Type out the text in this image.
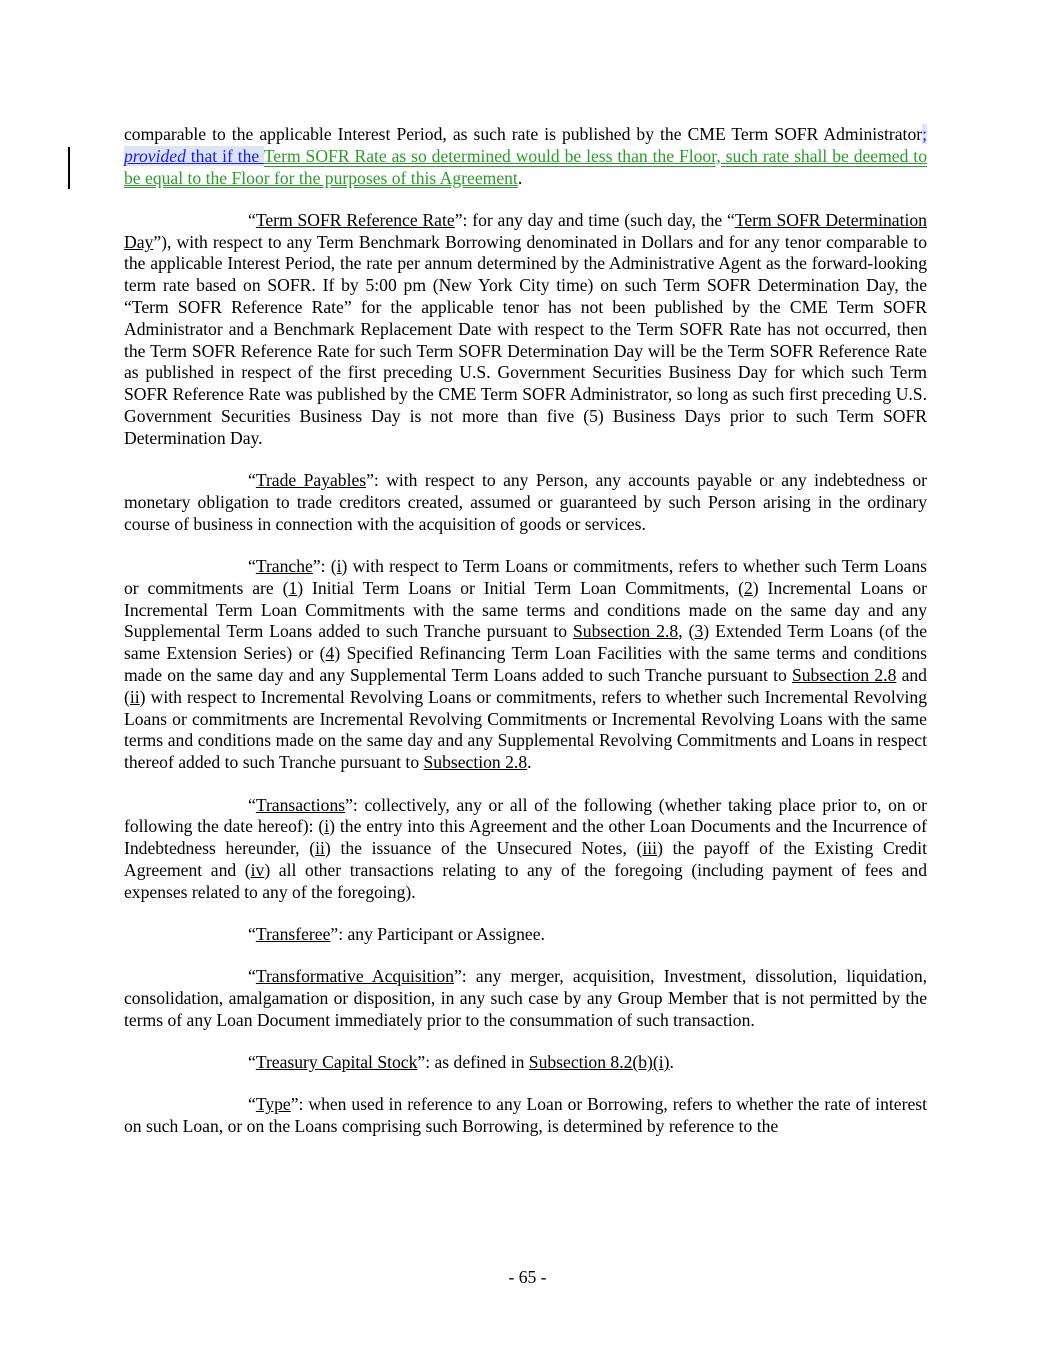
comparable to the applicable Interest Period, as such rate is published by the CME Term SOFR Administrator; provided that if the Term SOFR Rate as so determined would be less than the Floor, such rate shall be deemed to be equal to the Floor for the purposes of this Agreement.

“Term SOFR Reference Rate”: for any day and time (such day, the “Term SOFR Determination Day”), with respect to any Term Benchmark Borrowing denominated in Dollars and for any tenor comparable to the applicable Interest Period, the rate per annum determined by the Administrative Agent as the forward-looking term rate based on SOFR. If by 5:00 pm (New York City time) on such Term SOFR Determination Day, the “Term SOFR Reference Rate” for the applicable tenor has not been published by the CME Term SOFR Administrator and a Benchmark Replacement Date with respect to the Term SOFR Rate has not occurred, then the Term SOFR Reference Rate for such Term SOFR Determination Day will be the Term SOFR Reference Rate as published in respect of the first preceding U.S. Government Securities Business Day for which such Term SOFR Reference Rate was published by the CME Term SOFR Administrator, so long as such first preceding U.S. Government Securities Business Day is not more than five (5) Business Days prior to such Term SOFR Determination Day.

“Trade Payables”: with respect to any Person, any accounts payable or any indebtedness or monetary obligation to trade creditors created, assumed or guaranteed by such Person arising in the ordinary course of business in connection with the acquisition of goods or services.

“Tranche”: (i) with respect to Term Loans or commitments, refers to whether such Term Loans or commitments are (1) Initial Term Loans or Initial Term Loan Commitments, (2) Incremental Loans or Incremental Term Loan Commitments with the same terms and conditions made on the same day and any Supplemental Term Loans added to such Tranche pursuant to Subsection 2.8, (3) Extended Term Loans (of the same Extension Series) or (4) Specified Refinancing Term Loan Facilities with the same terms and conditions made on the same day and any Supplemental Term Loans added to such Tranche pursuant to Subsection 2.8 and (ii) with respect to Incremental Revolving Loans or commitments, refers to whether such Incremental Revolving Loans or commitments are Incremental Revolving Commitments or Incremental Revolving Loans with the same terms and conditions made on the same day and any Supplemental Revolving Commitments and Loans in respect thereof added to such Tranche pursuant to Subsection 2.8.

“Transactions”: collectively, any or all of the following (whether taking place prior to, on or following the date hereof): (i) the entry into this Agreement and the other Loan Documents and the Incurrence of Indebtedness hereunder, (ii) the issuance of the Unsecured Notes, (iii) the payoff of the Existing Credit Agreement and (iv) all other transactions relating to any of the foregoing (including payment of fees and expenses related to any of the foregoing).

“Transferee”: any Participant or Assignee.

“Transformative Acquisition”: any merger, acquisition, Investment, dissolution, liquidation, consolidation, amalgamation or disposition, in any such case by any Group Member that is not permitted by the terms of any Loan Document immediately prior to the consummation of such transaction.

“Treasury Capital Stock”: as defined in Subsection 8.2(b)(i).

“Type”: when used in reference to any Loan or Borrowing, refers to whether the rate of interest on such Loan, or on the Loans comprising such Borrowing, is determined by reference to the

- 65 -
